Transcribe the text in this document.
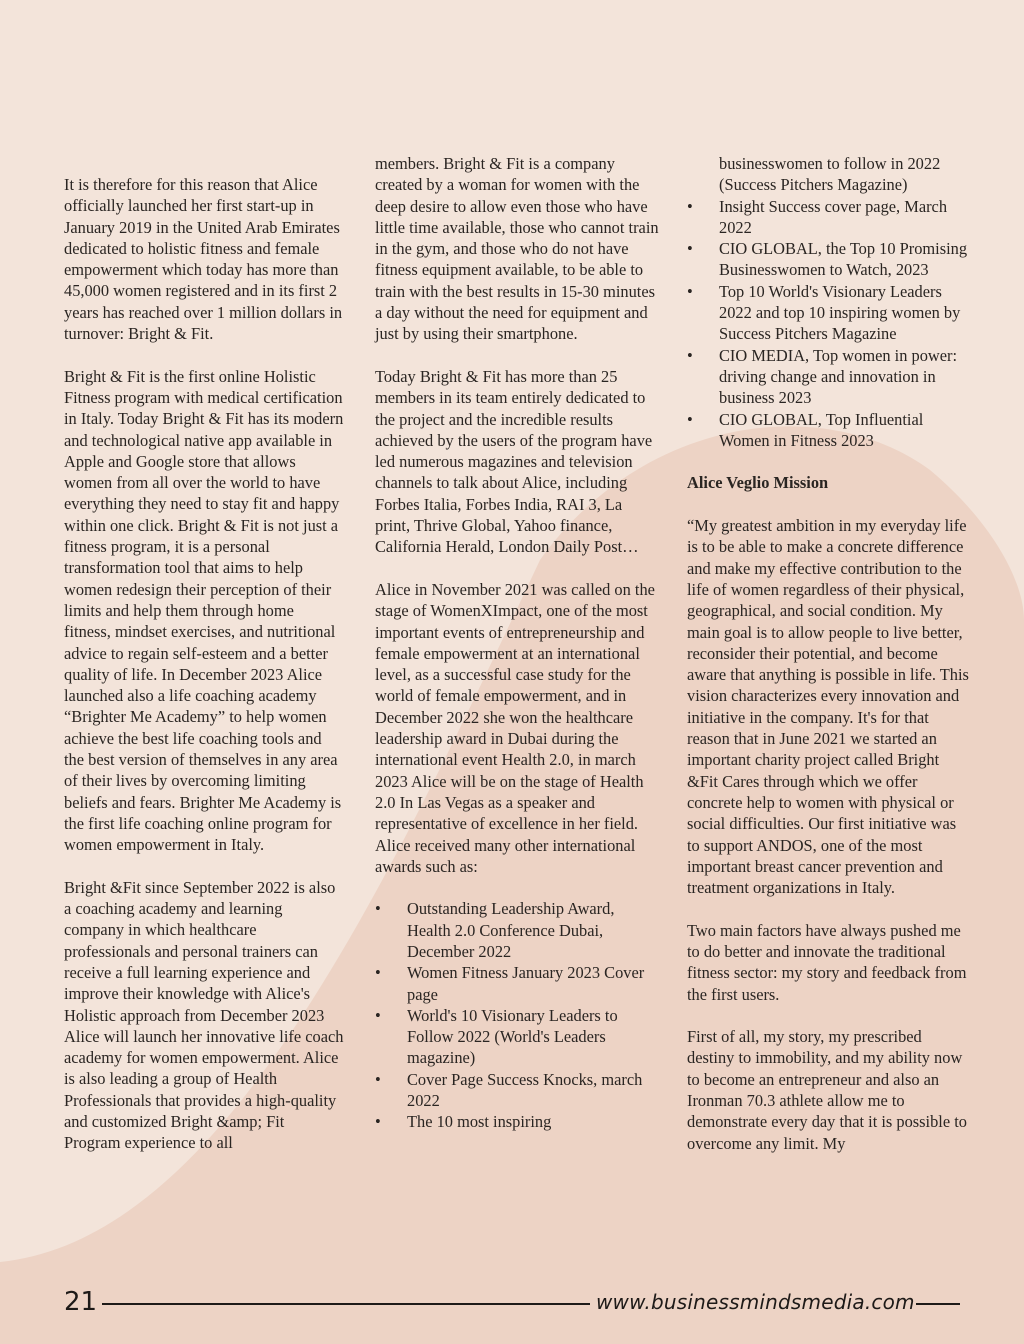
It is therefore for this reason that Alice officially launched her first start-up in January 2019 in the United Arab Emirates dedicated to holistic fitness and female empowerment which today has more than 45,000 women registered and in its first 2 years has reached over 1 million dollars in turnover: Bright & Fit.

Bright & Fit is the first online Holistic Fitness program with medical certification in Italy. Today Bright & Fit has its modern and technological native app available in Apple and Google store that allows women from all over the world to have everything they need to stay fit and happy within one click. Bright & Fit is not just a fitness program, it is a personal transformation tool that aims to help women redesign their perception of their limits and help them through home fitness, mindset exercises, and nutritional advice to regain self-esteem and a better quality of life. In December 2023 Alice launched also a life coaching academy “Brighter Me Academy” to help women achieve the best life coaching tools and the best version of themselves in any area of their lives by overcoming limiting beliefs and fears. Brighter Me Academy is the first life coaching online program for women empowerment in Italy.

Bright &Fit since September 2022 is also a coaching academy and learning company in which healthcare professionals and personal trainers can receive a full learning experience and improve their knowledge with Alice's Holistic approach from December 2023 Alice will launch her innovative life coach academy for women empowerment. Alice is also leading a group of Health Professionals that provides a high-quality and customized Bright &amp; Fit Program experience to all

members. Bright & Fit is a company created by a woman for women with the deep desire to allow even those who have little time available, those who cannot train in the gym, and those who do not have fitness equipment available, to be able to train with the best results in 15-30 minutes a day without the need for equipment and just by using their smartphone.

Today Bright & Fit has more than 25 members in its team entirely dedicated to the project and the incredible results achieved by the users of the program have led numerous magazines and television channels to talk about Alice, including Forbes Italia, Forbes India, RAI 3, La print, Thrive Global, Yahoo finance, California Herald, London Daily Post…

Alice in November 2021 was called on the stage of WomenXImpact, one of the most important events of entrepreneurship and female empowerment at an international level, as a successful case study for the world of female empowerment, and in December 2022 she won the healthcare leadership award in Dubai during the international event Health 2.0, in march 2023 Alice will be on the stage of Health 2.0 In Las Vegas as a speaker and representative of excellence in her field.

Alice received many other international awards such as:

• Outstanding Leadership Award, Health 2.0 Conference Dubai, December 2022
• Women Fitness January 2023 Cover page
• World's 10 Visionary Leaders to Follow 2022 (World's Leaders magazine)
• Cover Page Success Knocks, march 2022
• The 10 most inspiring

businesswomen to follow in 2022 (Success Pitchers Magazine)

• Insight Success cover page, March 2022
• CIO GLOBAL, the Top 10 Promising Businesswomen to Watch, 2023
• Top 10 World's Visionary Leaders 2022 and top 10 inspiring women by Success Pitchers Magazine
• CIO MEDIA, Top women in power: driving change and innovation in business 2023
• CIO GLOBAL, Top Influential Women in Fitness 2023

Alice Veglio Mission

“My greatest ambition in my everyday life is to be able to make a concrete difference and make my effective contribution to the life of women regardless of their physical, geographical, and social condition. My main goal is to allow people to live better, reconsider their potential, and become aware that anything is possible in life. This vision characterizes every innovation and initiative in the company. It's for that reason that in June 2021 we started an important charity project called Bright &Fit Cares through which we offer concrete help to women with physical or social difficulties. Our first initiative was to support ANDOS, one of the most important breast cancer prevention and treatment organizations in Italy.

Two main factors have always pushed me to do better and innovate the traditional fitness sector: my story and feedback from the first users.

First of all, my story, my prescribed destiny to immobility, and my ability now to become an entrepreneur and also an Ironman 70.3 athlete allow me to demonstrate every day that it is possible to overcome any limit. My

21	www.businessmindsmedia.com
